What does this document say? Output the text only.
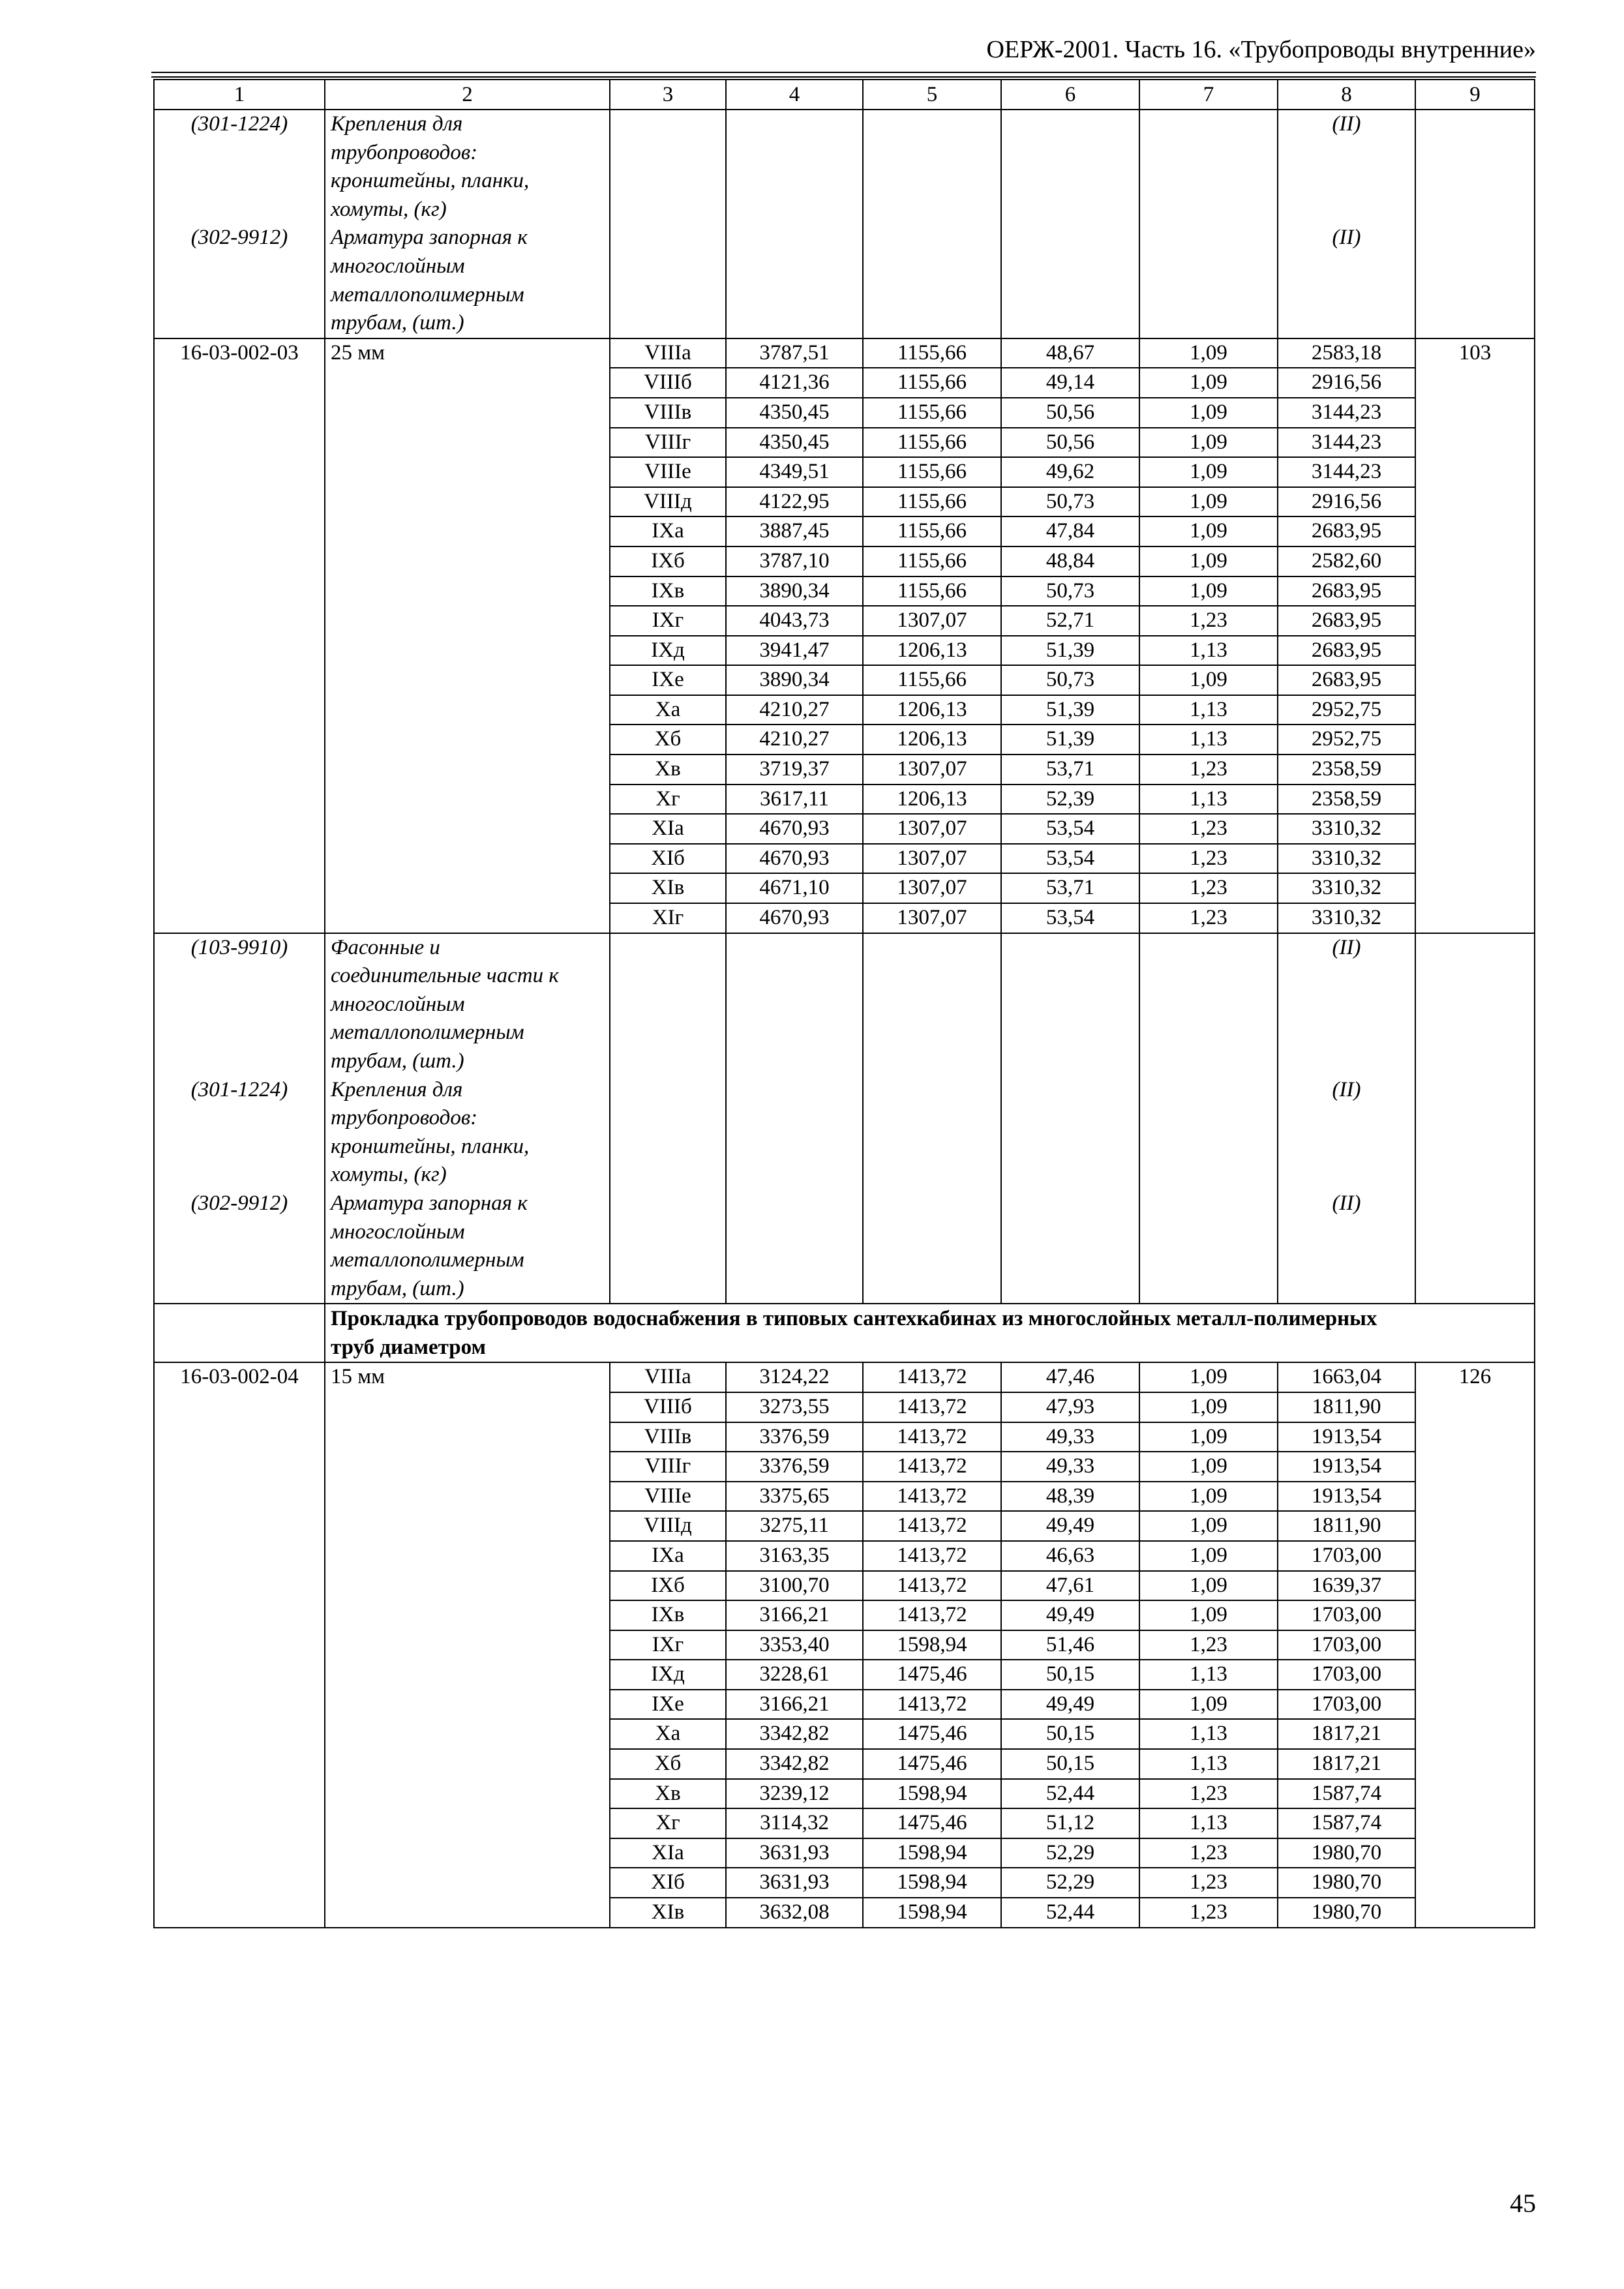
ОЕРЖ-2001. Часть 16. «Трубопроводы внутренние»
1	2	3	4	5	6	7	8	9
(301-1224)	Крепления для
трубопроводов:
кронштейны, планки,
хомуты, (кг)						(II)	
(302-9912)	Арматура запорная к
многослойным
металлополимерным
трубам, (шт.)						(II)	
16-03-002-03	25 мм	VIIIа	3787,51	1155,66	48,67	1,09	2583,18	103
		VIIIб	4121,36	1155,66	49,14	1,09	2916,56	
		VIIIв	4350,45	1155,66	50,56	1,09	3144,23	
		VIIIг	4350,45	1155,66	50,56	1,09	3144,23	
		VIIIе	4349,51	1155,66	49,62	1,09	3144,23	
		VIIIд	4122,95	1155,66	50,73	1,09	2916,56	
		IXа	3887,45	1155,66	47,84	1,09	2683,95	
		IXб	3787,10	1155,66	48,84	1,09	2582,60	
		IXв	3890,34	1155,66	50,73	1,09	2683,95	
		IXг	4043,73	1307,07	52,71	1,23	2683,95	
		IXд	3941,47	1206,13	51,39	1,13	2683,95	
		IXе	3890,34	1155,66	50,73	1,09	2683,95	
		Xа	4210,27	1206,13	51,39	1,13	2952,75	
		Xб	4210,27	1206,13	51,39	1,13	2952,75	
		Xв	3719,37	1307,07	53,71	1,23	2358,59	
		Xг	3617,11	1206,13	52,39	1,13	2358,59	
		XIа	4670,93	1307,07	53,54	1,23	3310,32	
		XIб	4670,93	1307,07	53,54	1,23	3310,32	
		XIв	4671,10	1307,07	53,71	1,23	3310,32	
		XIг	4670,93	1307,07	53,54	1,23	3310,32	
(103-9910)	Фасонные и
соединительные части к
многослойным
металлополимерным
трубам, (шт.)						(II)	
(301-1224)	Крепления для
трубопроводов:
кронштейны, планки,
хомуты, (кг)						(II)	
(302-9912)	Арматура запорная к
многослойным
металлополимерным
трубам, (шт.)						(II)	

	Прокладка трубопроводов водоснабжения в типовых сантехкабинах из многослойных металл-полимерных
труб диаметром							

16-03-002-04	15 мм	VIIIа	3124,22	1413,72	47,46	1,09	1663,04	126
		VIIIб	3273,55	1413,72	47,93	1,09	1811,90	
		VIIIв	3376,59	1413,72	49,33	1,09	1913,54	
		VIIIг	3376,59	1413,72	49,33	1,09	1913,54	
		VIIIе	3375,65	1413,72	48,39	1,09	1913,54	
		VIIIд	3275,11	1413,72	49,49	1,09	1811,90	
		IXа	3163,35	1413,72	46,63	1,09	1703,00	
		IXб	3100,70	1413,72	47,61	1,09	1639,37	
		IXв	3166,21	1413,72	49,49	1,09	1703,00	
		IXг	3353,40	1598,94	51,46	1,23	1703,00	
		IXд	3228,61	1475,46	50,15	1,13	1703,00	
		IXе	3166,21	1413,72	49,49	1,09	1703,00	
		Xа	3342,82	1475,46	50,15	1,13	1817,21	
		Xб	3342,82	1475,46	50,15	1,13	1817,21	
		Xв	3239,12	1598,94	52,44	1,23	1587,74	
		Xг	3114,32	1475,46	51,12	1,13	1587,74	
		XIа	3631,93	1598,94	52,29	1,23	1980,70	
		XIб	3631,93	1598,94	52,29	1,23	1980,70	
		XIв	3632,08	1598,94	52,44	1,23	1980,70	
45
